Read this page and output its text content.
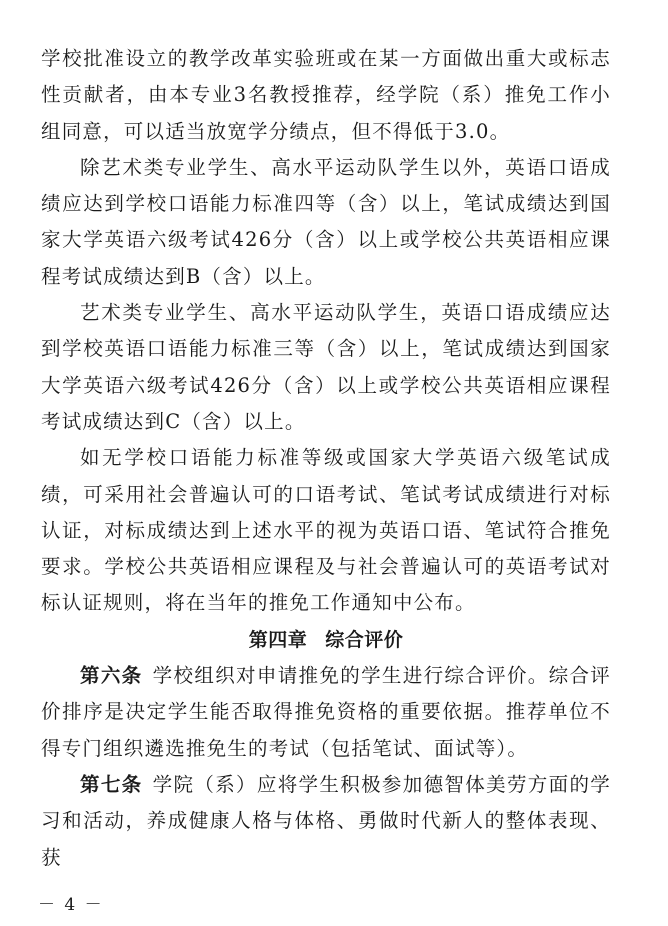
学校批准设立的教学改革实验班或在某一方面做出重大或标志性贡献者，由本专业3名教授推荐，经学院（系）推免工作小组同意，可以适当放宽学分绩点，但不得低于3.0。

除艺术类专业学生、高水平运动队学生以外，英语口语成绩应达到学校口语能力标准四等（含）以上，笔试成绩达到国家大学英语六级考试426分（含）以上或学校公共英语相应课程考试成绩达到B（含）以上。

艺术类专业学生、高水平运动队学生，英语口语成绩应达到学校英语口语能力标准三等（含）以上，笔试成绩达到国家大学英语六级考试426分（含）以上或学校公共英语相应课程考试成绩达到C（含）以上。

如无学校口语能力标准等级或国家大学英语六级笔试成绩，可采用社会普遍认可的口语考试、笔试考试成绩进行对标认证，对标成绩达到上述水平的视为英语口语、笔试符合推免要求。学校公共英语相应课程及与社会普遍认可的英语考试对标认证规则，将在当年的推免工作通知中公布。

第四章 综合评价

第六条 学校组织对申请推免的学生进行综合评价。综合评价排序是决定学生能否取得推免资格的重要依据。推荐单位不得专门组织遴选推免生的考试（包括笔试、面试等）。

第七条 学院（系）应将学生积极参加德智体美劳方面的学习和活动，养成健康人格与体格、勇做时代新人的整体表现、获

－ 4 －
